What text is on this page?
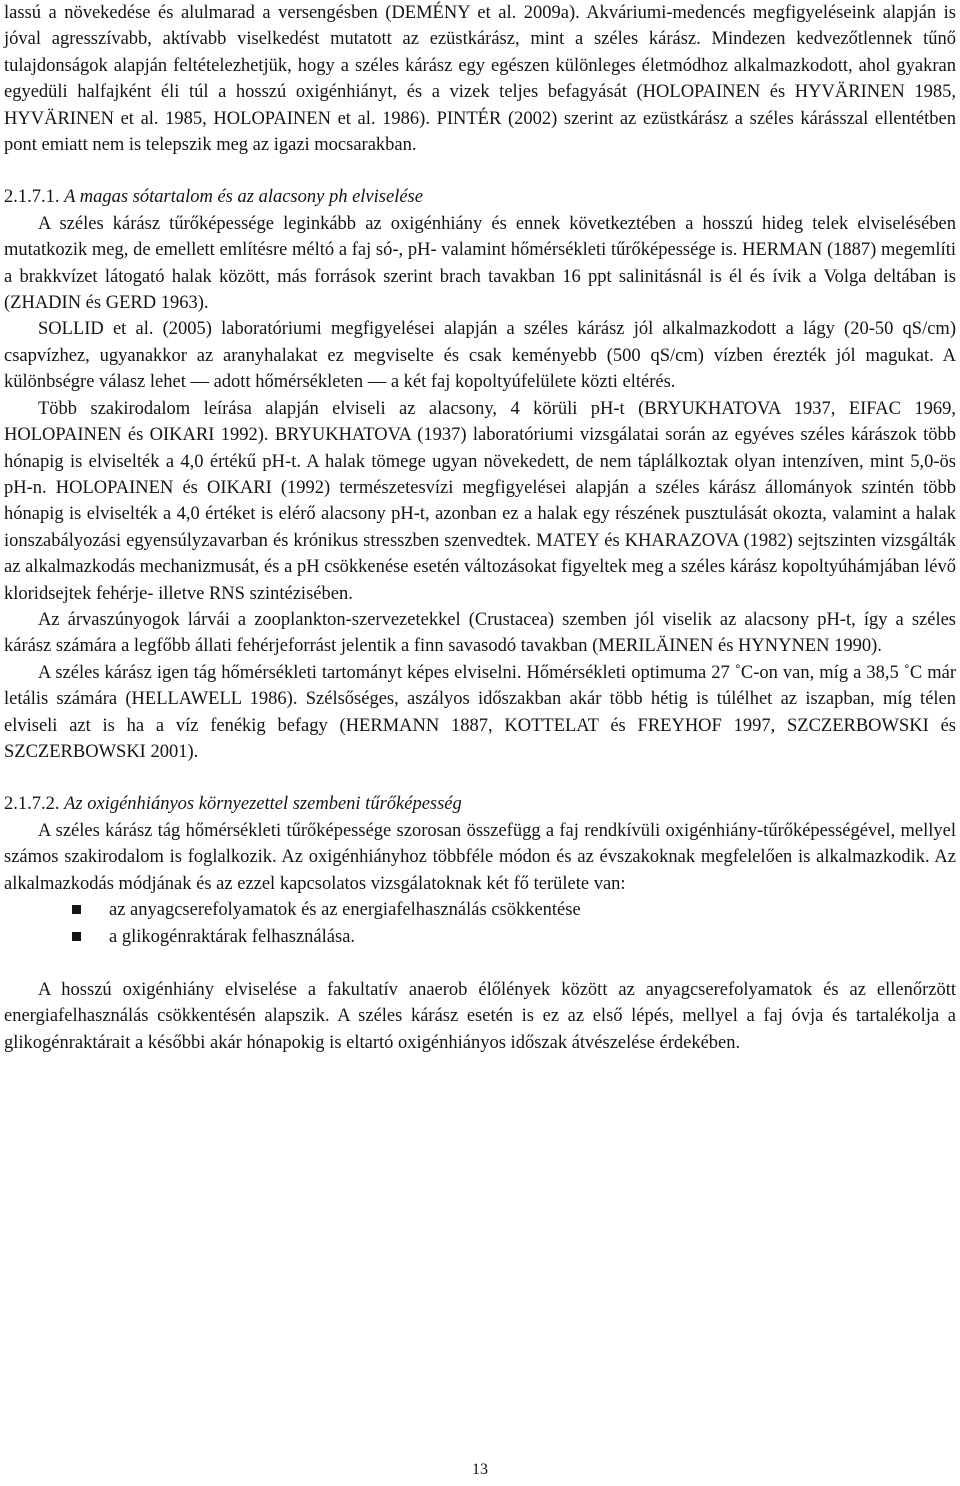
lassú a növekedése és alulmarad a versengésben (DEMÉNY et al. 2009a). Akváriumi-medencés megfigyeléseink alapján is jóval agresszívabb, aktívabb viselkedést mutatott az ezüstkárász, mint a széles kárász. Mindezen kedvezőtlennek tűnő tulajdonságok alapján feltételezhetjük, hogy a széles kárász egy egészen különleges életmódhoz alkalmazkodott, ahol gyakran egyedüli halfajként éli túl a hosszú oxigénhiányt, és a vizek teljes befagyását (HOLOPAINEN és HYVÄRINEN 1985, HYVÄRINEN et al. 1985, HOLOPAINEN et al. 1986). PINTÉR (2002) szerint az ezüstkárász a széles kárásszal ellentétben pont emiatt nem is telepszik meg az igazi mocsarakban.

2.1.7.1. A magas sótartalom és az alacsony ph elviselése

A széles kárász tűrőképessége leginkább az oxigénhiány és ennek következtében a hosszú hideg telek elviselésében mutatkozik meg, de emellett említésre méltó a faj só-, pH- valamint hőmérsékleti tűrőképessége is. HERMAN (1887) megemlíti a brakkvízet látogató halak között, más források szerint brach tavakban 16 ppt salinitásnál is él és ívik a Volga deltában is (ZHADIN és GERD 1963).

SOLLID et al. (2005) laboratóriumi megfigyelései alapján a széles kárász jól alkalmazkodott a lágy (20-50 qS/cm) csapvízhez, ugyanakkor az aranyhalakat ez megviselte és csak keményebb (500 qS/cm) vízben érezték jól magukat. A különbségre válasz lehet ― adott hőmérsékleten ― a két faj kopoltyúfelülete közti eltérés.

Több szakirodalom leírása alapján elviseli az alacsony, 4 körüli pH-t (BRYUKHATOVA 1937, EIFAC 1969, HOLOPAINEN és OIKARI 1992). BRYUKHATOVA (1937) laboratóriumi vizsgálatai során az egyéves széles kárászok több hónapig is elviselték a 4,0 értékű pH-t. A halak tömege ugyan növekedett, de nem táplálkoztak olyan intenzíven, mint 5,0-ös pH-n. HOLOPAINEN és OIKARI (1992) természetesvízi megfigyelései alapján a széles kárász állományok szintén több hónapig is elviselték a 4,0 értéket is elérő alacsony pH-t, azonban ez a halak egy részének pusztulását okozta, valamint a halak ionszabályozási egyensúlyzavarban és krónikus stresszben szenvedtek. MATEY és KHARAZOVA (1982) sejtszinten vizsgálták az alkalmazkodás mechanizmusát, és a pH csökkenése esetén változásokat figyeltek meg a széles kárász kopoltyúhámjában lévő kloridsejtek fehérje- illetve RNS szintézisében.

Az árvaszúnyogok lárvái a zooplankton-szervezetekkel (Crustacea) szemben jól viselik az alacsony pH-t, így a széles kárász számára a legfőbb állati fehérjeforrást jelentik a finn savasodó tavakban (MERILÄINEN és HYNYNEN 1990).

A széles kárász igen tág hőmérsékleti tartományt képes elviselni. Hőmérsékleti optimuma 27 ˚C-on van, míg a 38,5 ˚C már letális számára (HELLAWELL 1986). Szélsőséges, aszályos időszakban akár több hétig is túlélhet az iszapban, míg télen elviseli azt is ha a víz fenékig befagy (HERMANN 1887, KOTTELAT és FREYHOF 1997, SZCZERBOWSKI és SZCZERBOWSKI 2001).

2.1.7.2. Az oxigénhiányos környezettel szembeni tűrőképesség

A széles kárász tág hőmérsékleti tűrőképessége szorosan összefügg a faj rendkívüli oxigénhiány-tűrőképességével, mellyel számos szakirodalom is foglalkozik. Az oxigénhiányhoz többféle módon és az évszakoknak megfelelően is alkalmazkodik. Az alkalmazkodás módjának és az ezzel kapcsolatos vizsgálatoknak két fő területe van:

az anyagcserefolyamatok és az energiafelhasználás csökkentése
a glikogénraktárak felhasználása.

A hosszú oxigénhiány elviselése a fakultatív anaerob élőlények között az anyagcserefolyamatok és az ellenőrzött energiafelhasználás csökkentésén alapszik. A széles kárász esetén is ez az első lépés, mellyel a faj óvja és tartalékolja a glikogénraktárait a későbbi akár hónapokig is eltartó oxigénhiányos időszak átvészelése érdekében.

13
